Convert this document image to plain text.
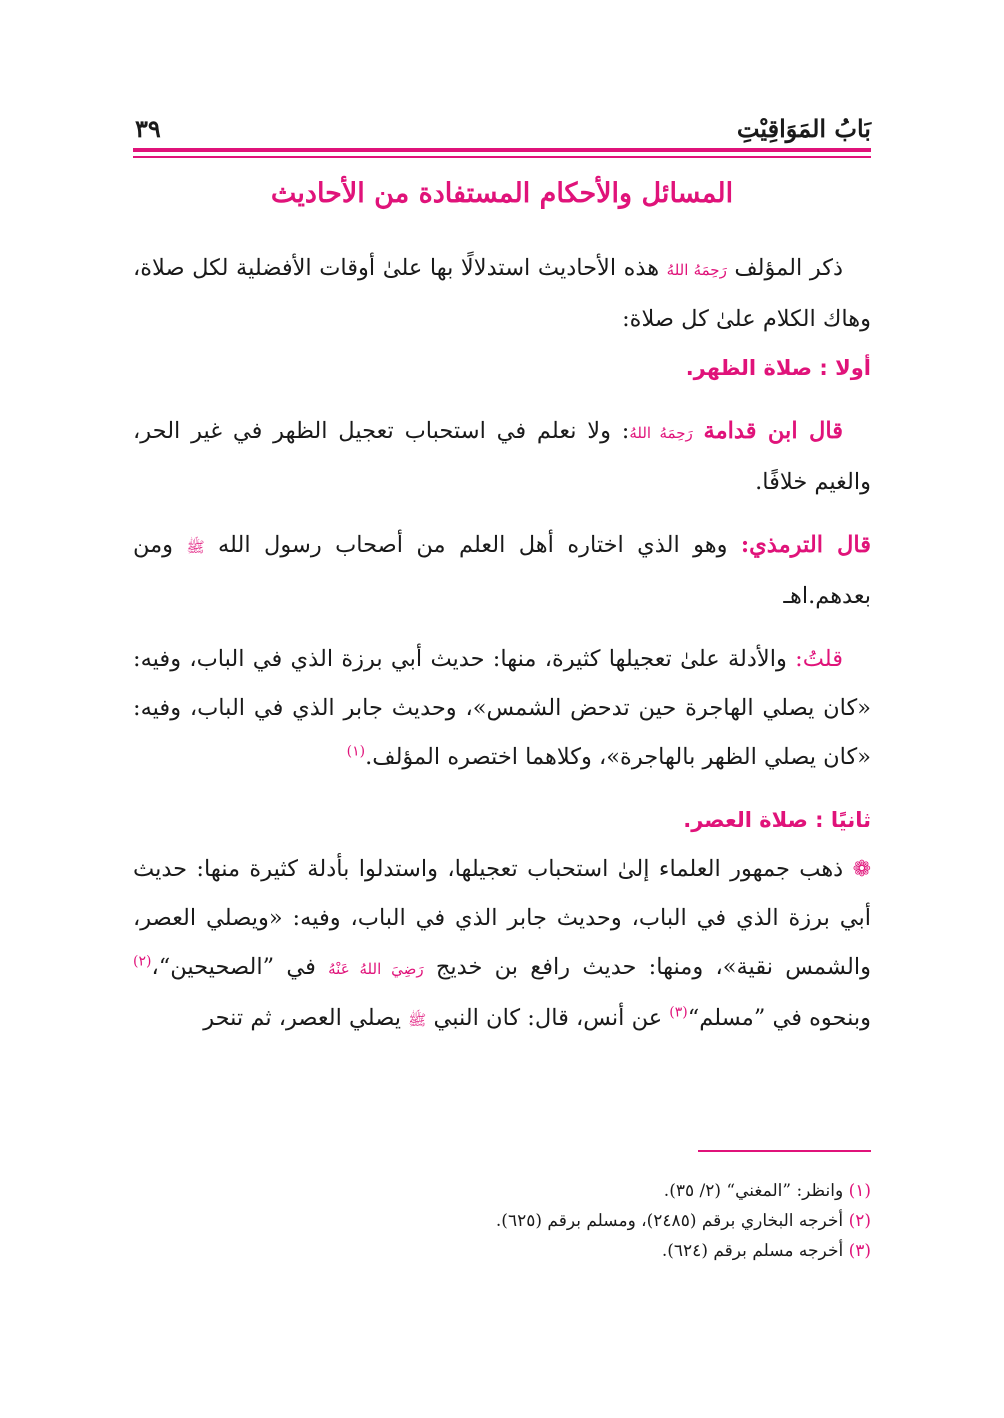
بَابُ المَوَاقِيْتِ
٣٩
المسائل والأحكام المستفادة من الأحاديث

ذكر المؤلف رَحِمَهُ اللهُ هذه الأحاديث استدلالًا بها علىٰ أوقات الأفضلية لكل صلاة، وهاك الكلام علىٰ كل صلاة:

أولا : صلاة الظهر.

قال ابن قدامة رَحِمَهُ اللهُ: ولا نعلم في استحباب تعجيل الظهر في غير الحر، والغيم خلافًا.

قال الترمذي: وهو الذي اختاره أهل العلم من أصحاب رسول الله ﷺ ومن بعدهم.اهـ

قلتُ: والأدلة علىٰ تعجيلها كثيرة، منها: حديث أبي برزة الذي في الباب، وفيه: «كان يصلي الهاجرة حين تدحض الشمس»، وحديث جابر الذي في الباب، وفيه: «كان يصلي الظهر بالهاجرة»، وكلاهما اختصره المؤلف.$^{(١)}$

ثانيًا : صلاة العصر.

❁ ذهب جمهور العلماء إلىٰ استحباب تعجيلها، واستدلوا بأدلة كثيرة منها: حديث أبي برزة الذي في الباب، وحديث جابر الذي في الباب، وفيه: «ويصلي العصر، والشمس نقية»، ومنها: حديث رافع بن خديج رَضِيَ اللهُ عَنْهُ في ”الصحيحين“،$^{(٢)}$ وبنحوه في ”مسلم“$^{(٣)}$ عن أنس، قال: كان النبي ﷺ يصلي العصر، ثم تنحر

(١) وانظر: ”المغني“ (٢/ ٣٥).

(٢) أخرجه البخاري برقم (٢٤٨٥)، ومسلم برقم (٦٢٥).

(٣) أخرجه مسلم برقم (٦٢٤).
